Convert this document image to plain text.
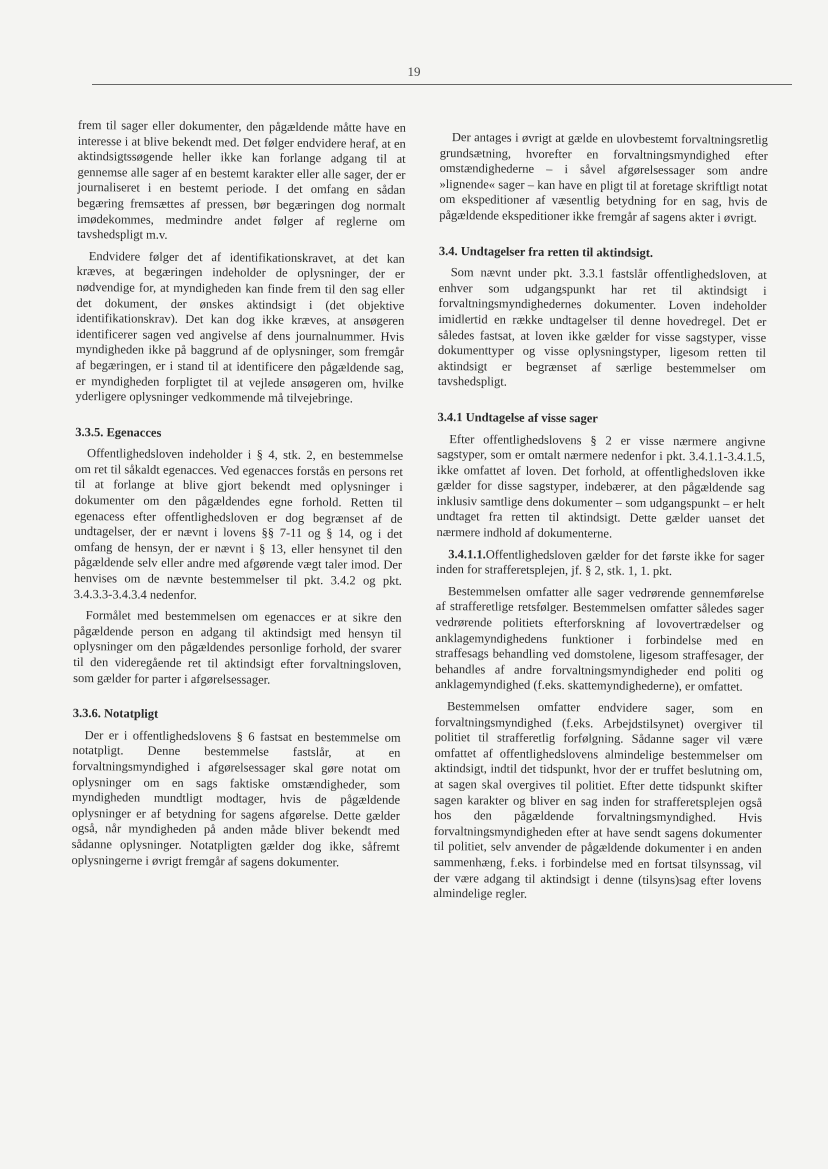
19

frem til sager eller dokumenter, den pågældende måtte have en interesse i at blive bekendt med. Det følger endvidere heraf, at en aktindsigtssøgende heller ikke kan forlange adgang til at gennemse alle sager af en bestemt karakter eller alle sager, der er journaliseret i en bestemt periode. I det omfang en sådan begæring fremsættes af pressen, bør begæringen dog normalt imødekommes, medmindre andet følger af reglerne om tavshedspligt m.v.

Endvidere følger det af identifikationskravet, at det kan kræves, at begæringen indeholder de oplysninger, der er nødvendige for, at myndigheden kan finde frem til den sag eller det dokument, der ønskes aktindsigt i (det objektive identifikationskrav). Det kan dog ikke kræves, at ansøgeren identificerer sagen ved angivelse af dens journalnummer. Hvis myndigheden ikke på baggrund af de oplysninger, som fremgår af begæringen, er i stand til at identificere den pågældende sag, er myndigheden forpligtet til at vejlede ansøgeren om, hvilke yderligere oplysninger vedkommende må tilvejebringe.

3.3.5. Egenacces

Offentlighedsloven indeholder i § 4, stk. 2, en bestemmelse om ret til såkaldt egenacces. Ved egenacces forstås en persons ret til at forlange at blive gjort bekendt med oplysninger i dokumenter om den pågældendes egne forhold. Retten til egenacess efter offentlighedsloven er dog begrænset af de undtagelser, der er nævnt i lovens §§ 7-11 og § 14, og i det omfang de hensyn, der er nævnt i § 13, eller hensynet til den pågældende selv eller andre med afgørende vægt taler imod. Der henvises om de nævnte bestemmelser til pkt. 3.4.2 og pkt. 3.4.3.3-3.4.3.4 nedenfor.

Formålet med bestemmelsen om egenacces er at sikre den pågældende person en adgang til aktindsigt med hensyn til oplysninger om den pågældendes personlige forhold, der svarer til den videregående ret til aktindsigt efter forvaltningsloven, som gælder for parter i afgørelsessager.

3.3.6. Notatpligt

Der er i offentlighedslovens § 6 fastsat en bestemmelse om notatpligt. Denne bestemmelse fastslår, at en forvaltningsmyndighed i afgørelsessager skal gøre notat om oplysninger om en sags faktiske omstændigheder, som myndigheden mundtligt modtager, hvis de pågældende oplysninger er af betydning for sagens afgørelse. Dette gælder også, når myndigheden på anden måde bliver bekendt med sådanne oplysninger. Notatpligten gælder dog ikke, såfremt oplysningerne i øvrigt fremgår af sagens dokumenter.

Der antages i øvrigt at gælde en ulovbestemt forvaltningsretlig grundsætning, hvorefter en forvaltningsmyndighed efter omstændighederne – i såvel afgørelsessager som andre »lignende« sager – kan have en pligt til at foretage skriftligt notat om ekspeditioner af væsentlig betydning for en sag, hvis de pågældende ekspeditioner ikke fremgår af sagens akter i øvrigt.

3.4. Undtagelser fra retten til aktindsigt.

Som nævnt under pkt. 3.3.1 fastslår offentlighedsloven, at enhver som udgangspunkt har ret til aktindsigt i forvaltningsmyndighedernes dokumenter. Loven indeholder imidlertid en række undtagelser til denne hovedregel. Det er således fastsat, at loven ikke gælder for visse sagstyper, visse dokumenttyper og visse oplysningstyper, ligesom retten til aktindsigt er begrænset af særlige bestemmelser om tavshedspligt.

3.4.1 Undtagelse af visse sager

Efter offentlighedslovens § 2 er visse nærmere angivne sagstyper, som er omtalt nærmere nedenfor i pkt. 3.4.1.1-3.4.1.5, ikke omfattet af loven. Det forhold, at offentlighedsloven ikke gælder for disse sagstyper, indebærer, at den pågældende sag inklusiv samtlige dens dokumenter – som udgangspunkt – er helt undtaget fra retten til aktindsigt. Dette gælder uanset det nærmere indhold af dokumenterne.

3.4.1.1.Offentlighedsloven gælder for det første ikke for sager inden for strafferetsplejen, jf. § 2, stk. 1, 1. pkt.

Bestemmelsen omfatter alle sager vedrørende gennemførelse af strafferetlige retsfølger. Bestemmelsen omfatter således sager vedrørende politiets efterforskning af lovovertrædelser og anklagemyndighedens funktioner i forbindelse med en straffesags behandling ved domstolene, ligesom straffesager, der behandles af andre forvaltningsmyndigheder end politi og anklagemyndighed (f.eks. skattemyndighederne), er omfattet.

Bestemmelsen omfatter endvidere sager, som en forvaltningsmyndighed (f.eks. Arbejdstilsynet) overgiver til politiet til strafferetlig forfølgning. Sådanne sager vil være omfattet af offentlighedslovens almindelige bestemmelser om aktindsigt, indtil det tidspunkt, hvor der er truffet beslutning om, at sagen skal overgives til politiet. Efter dette tidspunkt skifter sagen karakter og bliver en sag inden for strafferetsplejen også hos den pågældende forvaltningsmyndighed. Hvis forvaltningsmyndigheden efter at have sendt sagens dokumenter til politiet, selv anvender de pågældende dokumenter i en anden sammenhæng, f.eks. i forbindelse med en fortsat tilsynssag, vil der være adgang til aktindsigt i denne (tilsyns)sag efter lovens almindelige regler.
